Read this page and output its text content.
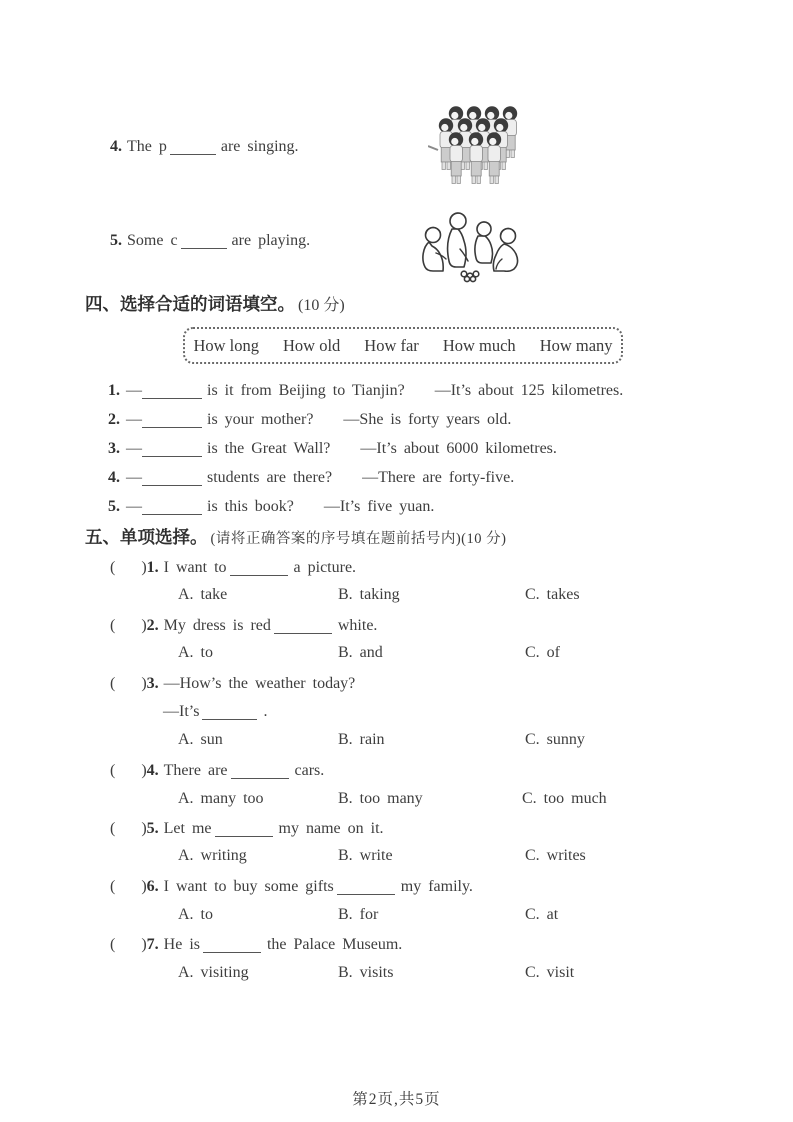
4. The p	are singing.
5. Some c	are playing.
四、选择合适的词语填空。 (10 分)
How long How old How far How much How many
1. —	is it from Beijing to Tianjin? —It’s about 125 kilometres.
2. —	is your mother? —She is forty years old.
3. —	is the Great Wall? —It’s about 6000 kilometres.
4. —	students are there? —There are forty-five.
5. —	is this book? —It’s five yuan.
五、单项选择。 (请将正确答案的序号填在题前括号内)(10 分)
( )1. I want to	a picture.
A. take	B. taking	C. takes
( )2. My dress is red	white.
A. to	B. and	C. of
( )3. —How’s the weather today?
—It’s	.
A. sun	B. rain	C. sunny
( )4. There are	cars.
A. many too	B. too many	C. too much
( )5. Let me	my name on it.
A. writing	B. write	C. writes
( )6. I want to buy some gifts	my family.
A. to	B. for	C. at
( )7. He is	the Palace Museum.
A. visiting	B. visits	C. visit
第2页,共5页
